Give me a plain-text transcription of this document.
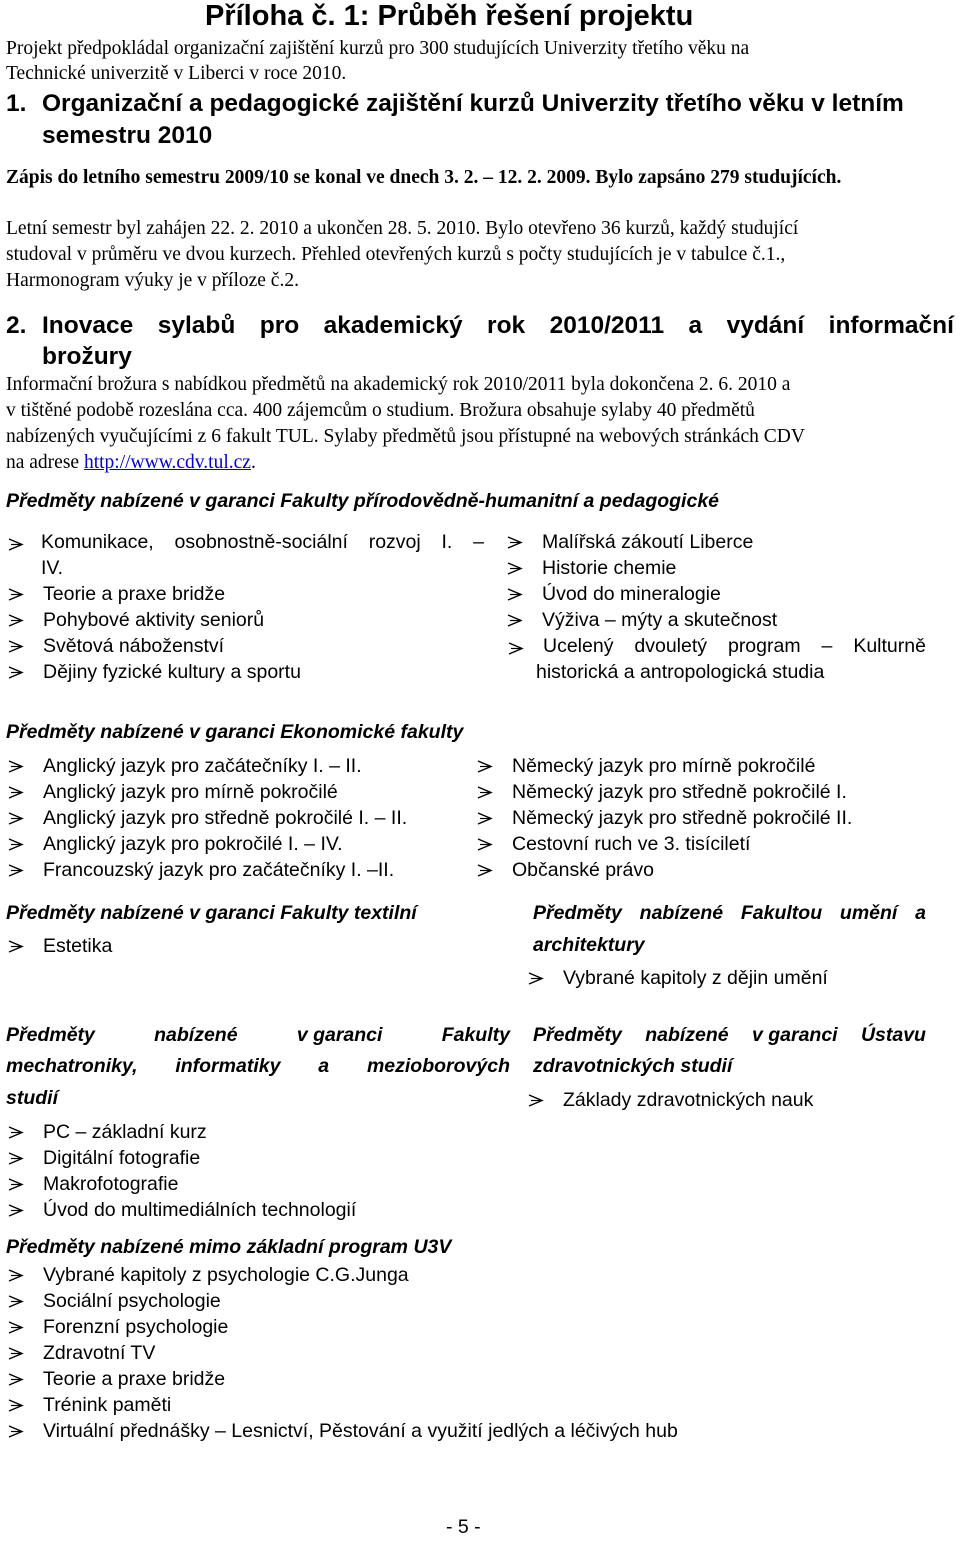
Příloha č. 1: Průběh řešení projektu
Projekt předpokládal organizační zajištění kurzů pro 300 studujících Univerzity třetího věku na
Technické univerzitě v Liberci v roce 2010.
1. Organizační a pedagogické zajištění kurzů Univerzity třetího věku v letním
semestru 2010
Zápis do letního semestru 2009/10 se konal ve dnech 3. 2. – 12. 2. 2009. Bylo zapsáno 279 studujících.
Letní semestr byl zahájen 22. 2. 2010 a ukončen 28. 5. 2010. Bylo otevřeno 36 kurzů, každý studující
studoval v průměru ve dvou kurzech. Přehled otevřených kurzů s počty studujících je v tabulce č.1.,
Harmonogram výuky je v příloze č.2.
2. Inovace sylabů pro akademický rok 2010/2011 a vydání informační
brožury
Informační brožura s nabídkou předmětů na akademický rok 2010/2011 byla dokončena 2. 6. 2010 a
v tištěné podobě rozeslána cca. 400 zájemcům o studium. Brožura obsahuje sylaby 40 předmětů
nabízených vyučujícími z 6 fakult TUL. Sylaby předmětů jsou přístupné na webových stránkách CDV
na adrese http://www.cdv.tul.cz.
Předměty nabízené v garanci Fakulty přírodovědně-humanitní a pedagogické
Komunikace, osobnostně-sociální rozvoj I. –
IV.
Teorie a praxe bridže
Pohybové aktivity seniorů
Světová náboženství
Dějiny fyzické kultury a sportu
Malířská zákoutí Liberce
Historie chemie
Úvod do mineralogie
Výživa – mýty a skutečnost
Ucelený dvouletý program – Kulturně
historická a antropologická studia
Předměty nabízené v garanci Ekonomické fakulty
Anglický jazyk pro začátečníky I. – II.
Anglický jazyk pro mírně pokročilé
Anglický jazyk pro středně pokročilé I. – II.
Anglický jazyk pro pokročilé I. – IV.
Francouzský jazyk pro začátečníky I. –II.
Německý jazyk pro mírně pokročilé
Německý jazyk pro středně pokročilé I.
Německý jazyk pro středně pokročilé II.
Cestovní ruch ve 3. tisíciletí
Občanské právo
Předměty nabízené v garanci Fakulty textilní
Estetika
Předměty nabízené Fakultou umění a
architektury
Vybrané kapitoly z dějin umění
Předměty	nabízené	v garanci	Fakulty
mechatroniky, informatiky a mezioborových
studií
PC – základní kurz
Digitální fotografie
Makrofotografie
Úvod do multimediálních technologií
Předměty nabízené v garanci Ústavu
zdravotnických studií
Základy zdravotnických nauk
Předměty nabízené mimo základní program U3V
Vybrané kapitoly z psychologie C.G.Junga
Sociální psychologie
Forenzní psychologie
Zdravotní TV
Teorie a praxe bridže
Trénink paměti
Virtuální přednášky – Lesnictví, Pěstování a využití jedlých a léčivých hub
- 5 -
